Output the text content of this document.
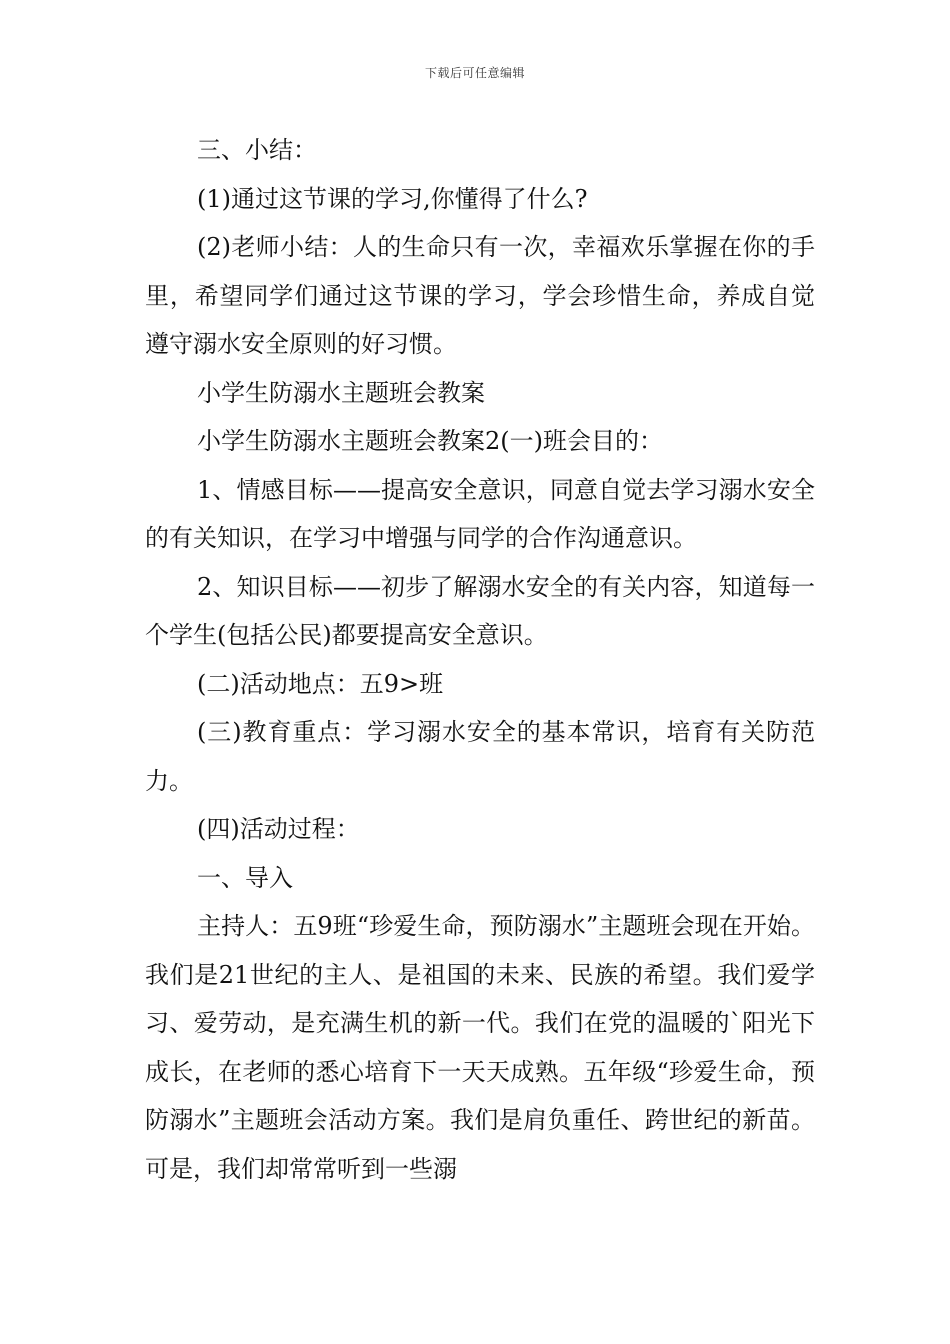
下载后可任意编辑

三、小结：

(1)通过这节课的学习,你懂得了什么?

(2)老师小结：人的生命只有一次，幸福欢乐掌握在你的手里，希望同学们通过这节课的学习，学会珍惜生命，养成自觉遵守溺水安全原则的好习惯。

小学生防溺水主题班会教案

小学生防溺水主题班会教案2(一)班会目的：

1、情感目标——提高安全意识，同意自觉去学习溺水安全的有关知识，在学习中增强与同学的合作沟通意识。

2、知识目标——初步了解溺水安全的有关内容，知道每一个学生(包括公民)都要提高安全意识。

(二)活动地点：五9>班

(三)教育重点：学习溺水安全的基本常识，培育有关防范力。

(四)活动过程：

一、导入

主持人：五9班“珍爱生命，预防溺水”主题班会现在开始。我们是21世纪的主人、是祖国的未来、民族的希望。我们爱学习、爱劳动，是充满生机的新一代。我们在党的温暖的`阳光下成长，在老师的悉心培育下一天天成熟。五年级“珍爱生命，预防溺水”主题班会活动方案。我们是肩负重任、跨世纪的新苗。可是，我们却常常听到一些溺
